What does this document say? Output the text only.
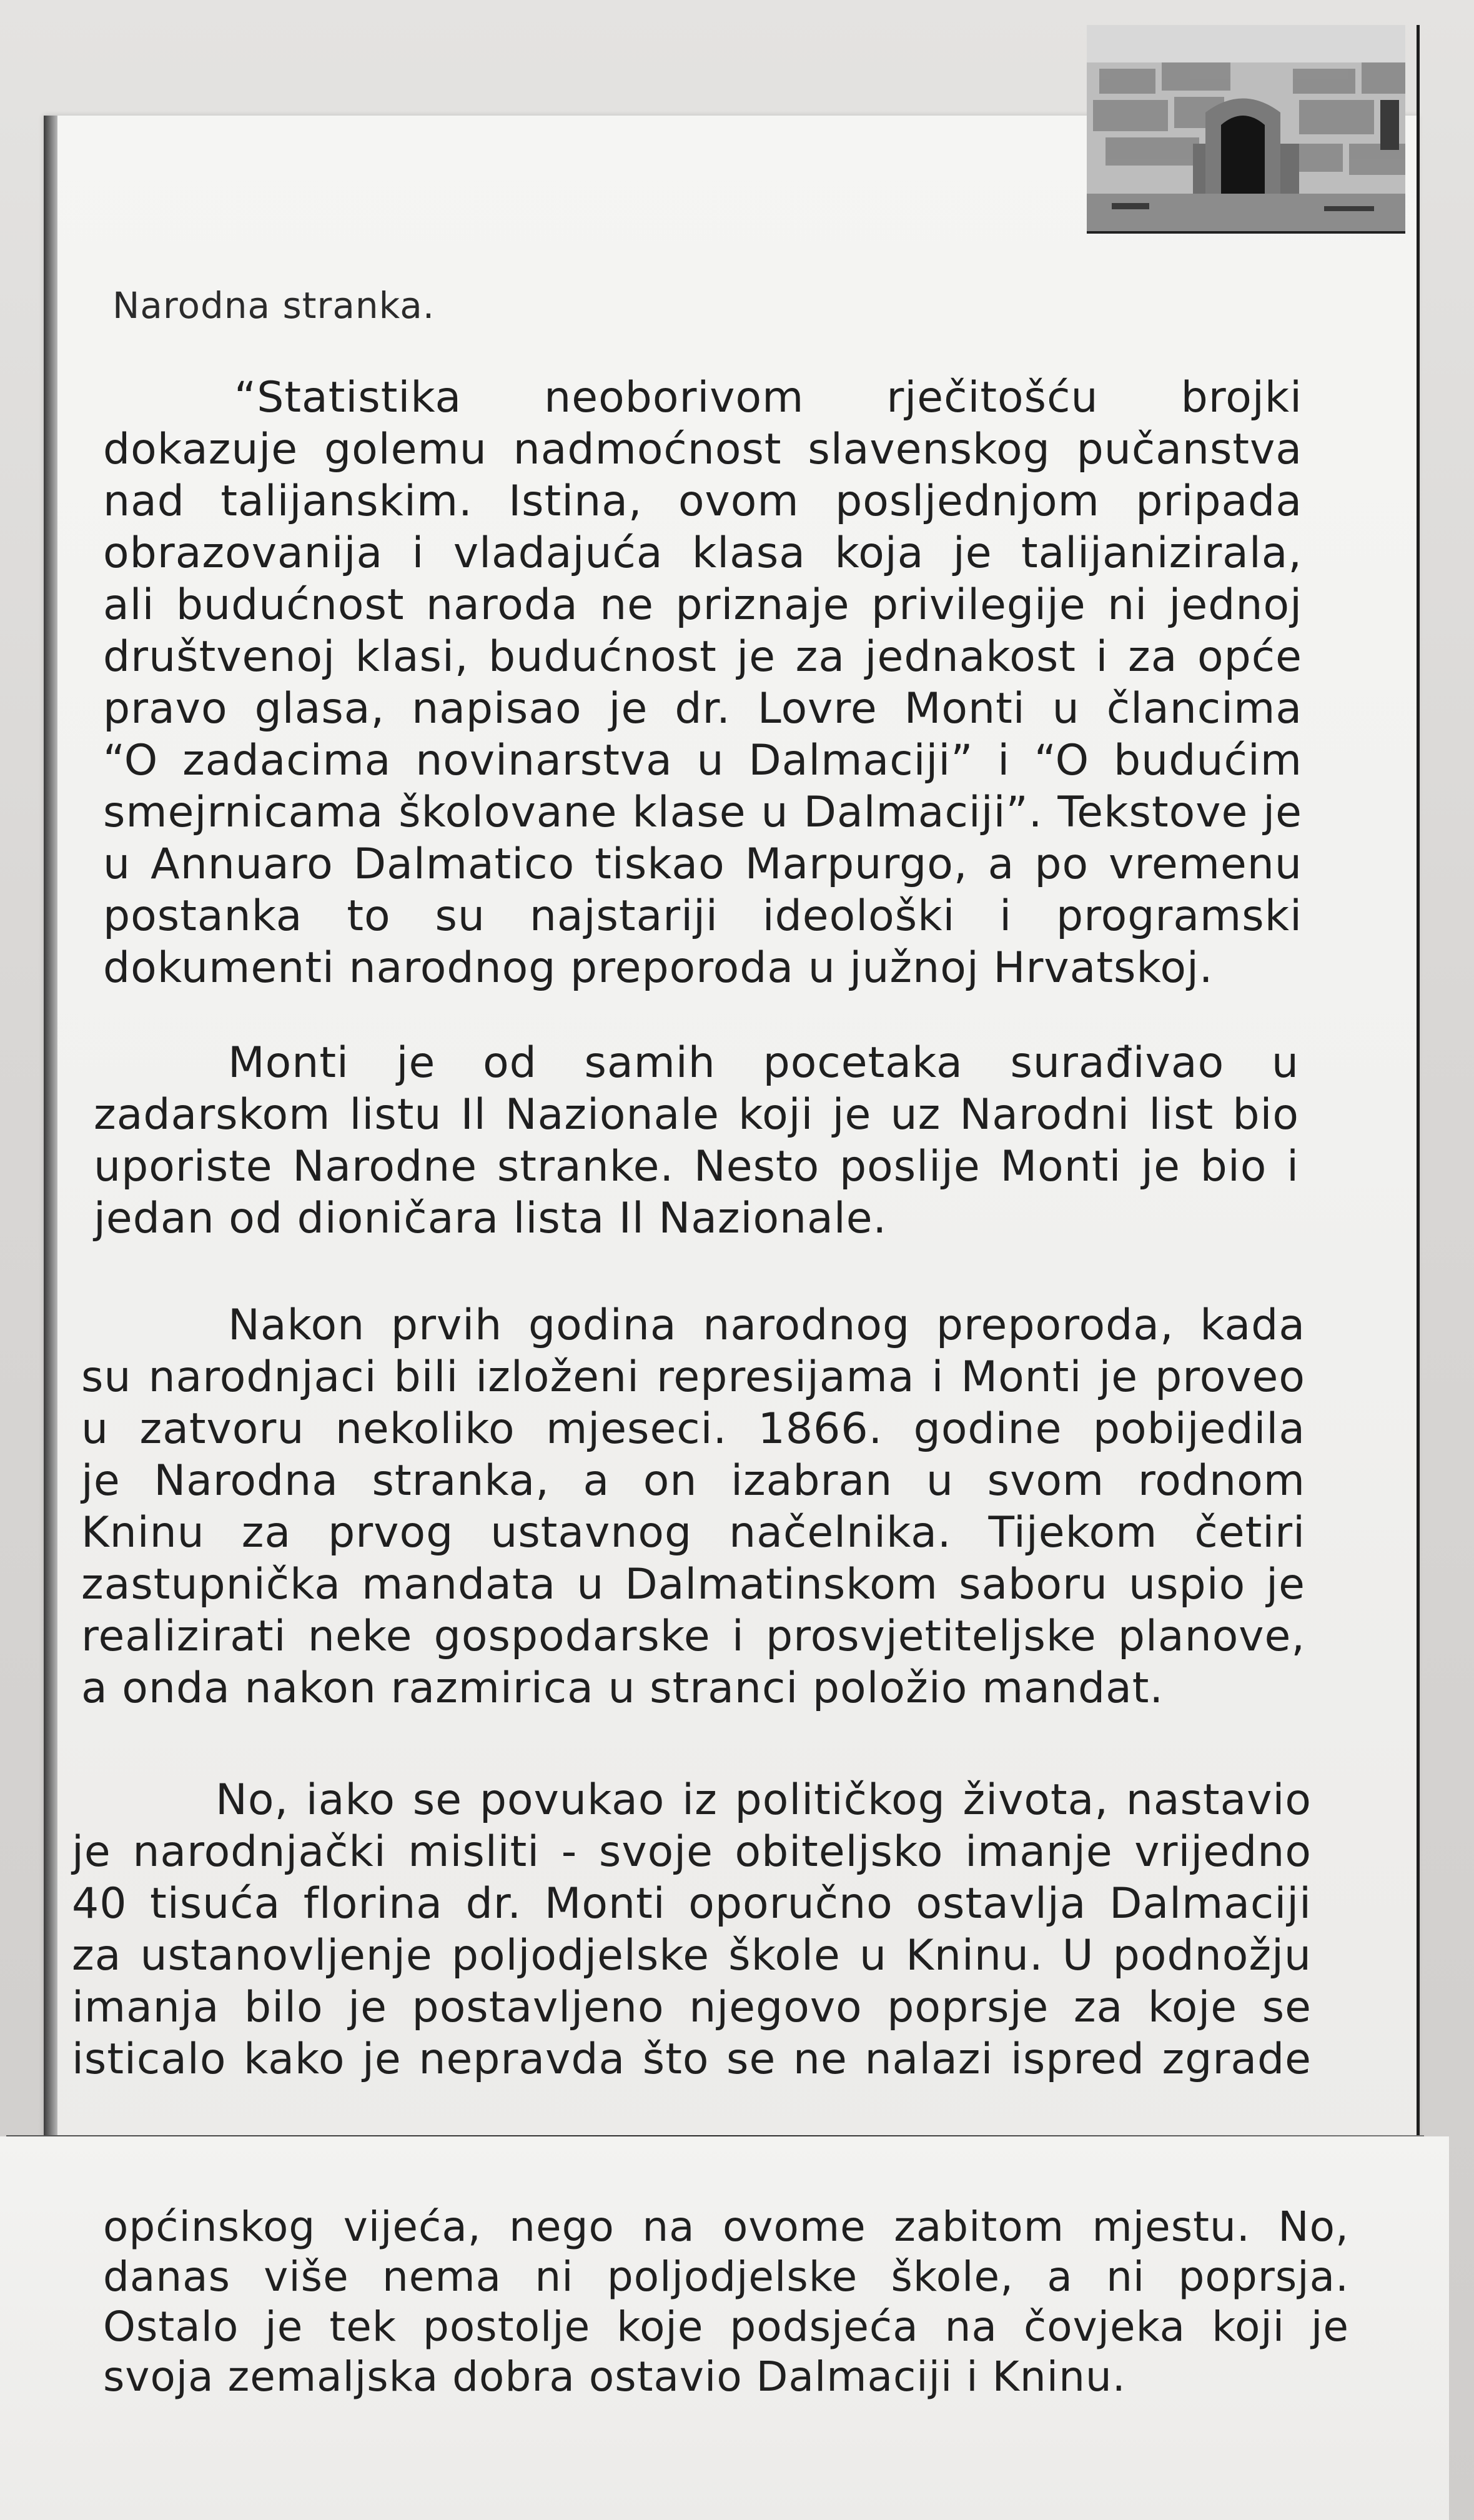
Narodna stranka.
“Statistika neoborivom rječitošću brojki
dokazuje golemu nadmoćnost slavenskog pučanstva
nad talijanskim. Istina, ovom posljednjom pripada
obrazovanija i vladajuća klasa koja je talijanizirala,
ali budućnost naroda ne priznaje privilegije ni jednoj
društvenoj klasi, budućnost je za jednakost i za opće
pravo glasa, napisao je dr. Lovre Monti u člancima
“O zadacima novinarstva u Dalmaciji” i “O budućim
smejrnicama školovane klase u Dalmaciji”. Tekstove je
u Annuaro Dalmatico tiskao Marpurgo, a po vremenu
postanka to su najstariji ideološki i programski
dokumenti narodnog preporoda u južnoj Hrvatskoj.
Monti je od samih pocetaka surađivao u
zadarskom listu Il Nazionale koji je uz Narodni list bio
uporiste Narodne stranke. Nesto poslije Monti je bio i
jedan od dioničara lista Il Nazionale.
Nakon prvih godina narodnog preporoda, kada
su narodnjaci bili izloženi represijama i Monti je proveo
u zatvoru nekoliko mjeseci. 1866. godine pobijedila
je Narodna stranka, a on izabran u svom rodnom
Kninu za prvog ustavnog načelnika. Tijekom četiri
zastupnička mandata u Dalmatinskom saboru uspio je
realizirati neke gospodarske i prosvjetiteljske planove,
a onda nakon razmirica u stranci položio mandat.
No, iako se povukao iz političkog života, nastavio
je narodnjački misliti - svoje obiteljsko imanje vrijedno
40 tisuća florina dr. Monti oporučno ostavlja Dalmaciji
za ustanovljenje poljodjelske škole u Kninu. U podnožju
imanja bilo je postavljeno njegovo poprsje za koje se
isticalo kako je nepravda što se ne nalazi ispred zgrade
općinskog vijeća, nego na ovome zabitom mjestu. No,
danas više nema ni poljodjelske škole, a ni poprsja.
Ostalo je tek postolje koje podsjeća na čovjeka koji je
svoja zemaljska dobra ostavio Dalmaciji i Kninu.
